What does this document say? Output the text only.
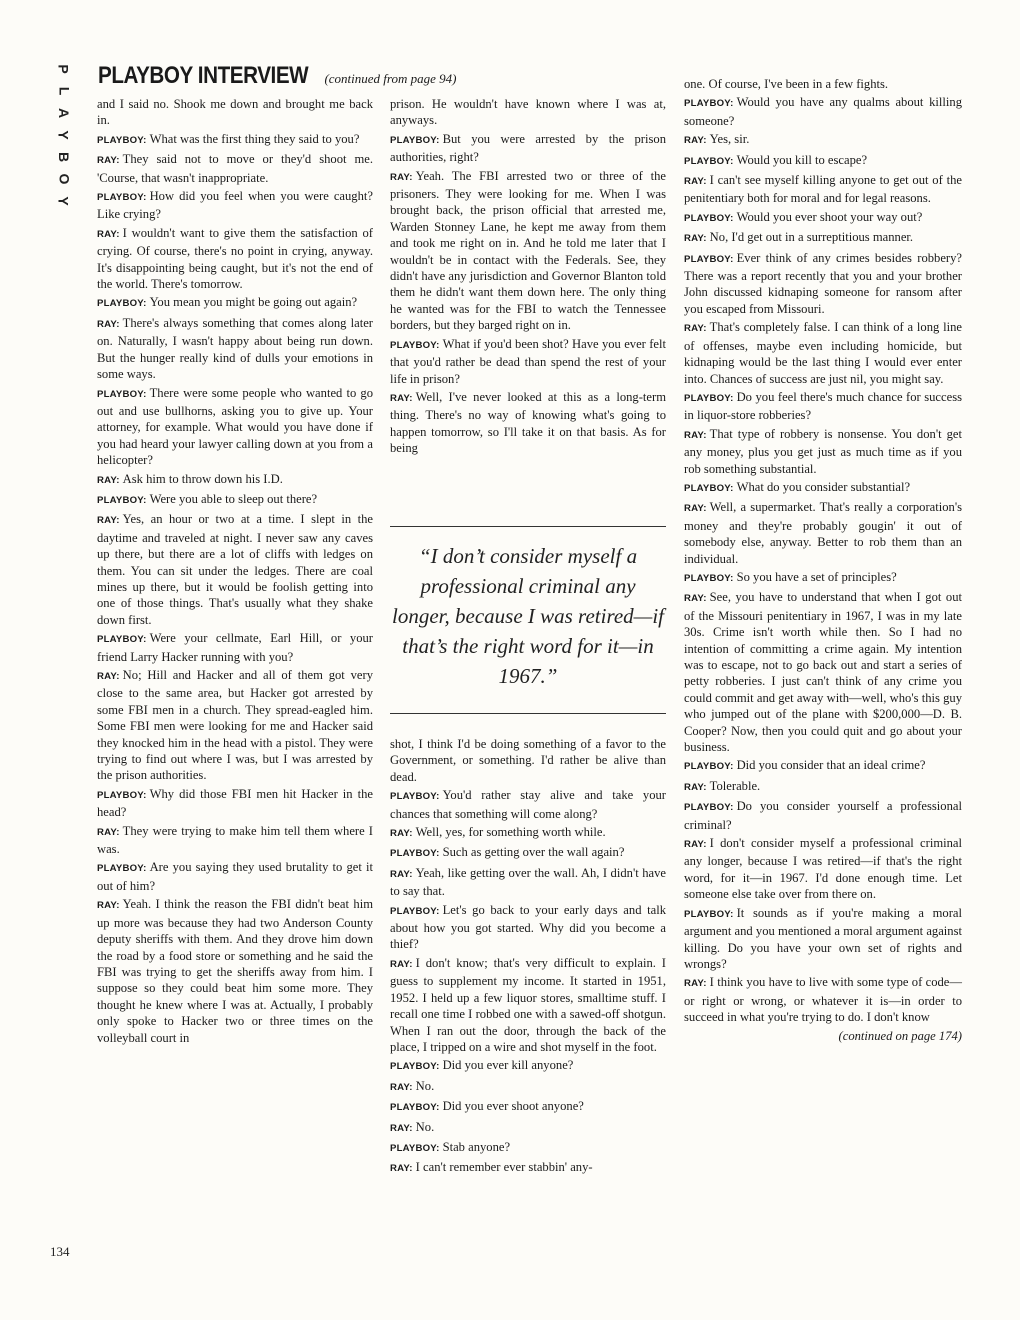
P
L
A
Y
B
O
Y
134
PLAYBOY INTERVIEW (continued from page 94)

and I said no. Shook me down and brought me back in.

PLAYBOY: What was the first thing they said to you?

RAY: They said not to move or they'd shoot me. 'Course, that wasn't inappropriate.

PLAYBOY: How did you feel when you were caught? Like crying?

RAY: I wouldn't want to give them the satisfaction of crying. Of course, there's no point in crying, anyway. It's disappointing being caught, but it's not the end of the world. There's tomorrow.

PLAYBOY: You mean you might be going out again?

RAY: There's always something that comes along later on. Naturally, I wasn't happy about being run down. But the hunger really kind of dulls your emotions in some ways.

PLAYBOY: There were some people who wanted to go out and use bullhorns, asking you to give up. Your attorney, for example. What would you have done if you had heard your lawyer calling down at you from a helicopter?

RAY: Ask him to throw down his I.D.

PLAYBOY: Were you able to sleep out there?

RAY: Yes, an hour or two at a time. I slept in the daytime and traveled at night. I never saw any caves up there, but there are a lot of cliffs with ledges on them. You can sit under the ledges. There are coal mines up there, but it would be foolish getting into one of those things. That's usually what they shake down first.

PLAYBOY: Were your cellmate, Earl Hill, or your friend Larry Hacker running with you?

RAY: No; Hill and Hacker and all of them got very close to the same area, but Hacker got arrested by some FBI men in a church. They spread-eagled him. Some FBI men were looking for me and Hacker said they knocked him in the head with a pistol. They were trying to find out where I was, but I was arrested by the prison authorities.

PLAYBOY: Why did those FBI men hit Hacker in the head?

RAY: They were trying to make him tell them where I was.

PLAYBOY: Are you saying they used brutality to get it out of him?

RAY: Yeah. I think the reason the FBI didn't beat him up more was because they had two Anderson County deputy sheriffs with them. And they drove him down the road by a food store or something and he said the FBI was trying to get the sheriffs away from him. I suppose so they could beat him some more. They thought he knew where I was at. Actually, I probably only spoke to Hacker two or three times on the volleyball court in

prison. He wouldn't have known where I was at, anyways.

PLAYBOY: But you were arrested by the prison authorities, right?

RAY: Yeah. The FBI arrested two or three of the prisoners. They were looking for me. When I was brought back, the prison official that arrested me, Warden Stonney Lane, he kept me away from them and took me right on in. And he told me later that I wouldn't be in contact with the Federals. See, they didn't have any jurisdiction and Governor Blanton told them he didn't want them down here. The only thing he wanted was for the FBI to watch the Tennessee borders, but they barged right on in.

PLAYBOY: What if you'd been shot? Have you ever felt that you'd rather be dead than spend the rest of your life in prison?

RAY: Well, I've never looked at this as a long-term thing. There's no way of knowing what's going to happen tomorrow, so I'll take it on that basis. As for being

“I don’t consider myself a professional criminal any longer, because I was retired—if that’s the right word for it—in 1967.”

shot, I think I'd be doing something of a favor to the Government, or something. I'd rather be alive than dead.

PLAYBOY: You'd rather stay alive and take your chances that something will come along?

RAY: Well, yes, for something worth while.

PLAYBOY: Such as getting over the wall again?

RAY: Yeah, like getting over the wall. Ah, I didn't have to say that.

PLAYBOY: Let's go back to your early days and talk about how you got started. Why did you become a thief?

RAY: I don't know; that's very difficult to explain. I guess to supplement my income. It started in 1951, 1952. I held up a few liquor stores, smalltime stuff. I recall one time I robbed one with a sawed-off shotgun. When I ran out the door, through the back of the place, I tripped on a wire and shot myself in the foot.

PLAYBOY: Did you ever kill anyone?

RAY: No.

PLAYBOY: Did you ever shoot anyone?

RAY: No.

PLAYBOY: Stab anyone?

RAY: I can't remember ever stabbin' any-

one. Of course, I've been in a few fights.

PLAYBOY: Would you have any qualms about killing someone?

RAY: Yes, sir.

PLAYBOY: Would you kill to escape?

RAY: I can't see myself killing anyone to get out of the penitentiary both for moral and for legal reasons.

PLAYBOY: Would you ever shoot your way out?

RAY: No, I'd get out in a surreptitious manner.

PLAYBOY: Ever think of any crimes besides robbery? There was a report recently that you and your brother John discussed kidnaping someone for ransom after you escaped from Missouri.

RAY: That's completely false. I can think of a long line of offenses, maybe even including homicide, but kidnaping would be the last thing I would ever enter into. Chances of success are just nil, you might say.

PLAYBOY: Do you feel there's much chance for success in liquor-store robberies?

RAY: That type of robbery is nonsense. You don't get any money, plus you get just as much time as if you rob something substantial.

PLAYBOY: What do you consider substantial?

RAY: Well, a supermarket. That's really a corporation's money and they're probably gougin' it out of somebody else, anyway. Better to rob them than an individual.

PLAYBOY: So you have a set of principles?

RAY: See, you have to understand that when I got out of the Missouri penitentiary in 1967, I was in my late 30s. Crime isn't worth while then. So I had no intention of committing a crime again. My intention was to escape, not to go back out and start a series of petty robberies. I just can't think of any crime you could commit and get away with—well, who's this guy who jumped out of the plane with $200,000—D. B. Cooper? Now, then you could quit and go about your business.

PLAYBOY: Did you consider that an ideal crime?

RAY: Tolerable.

PLAYBOY: Do you consider yourself a professional criminal?

RAY: I don't consider myself a professional criminal any longer, because I was retired—if that's the right word, for it—in 1967. I'd done enough time. Let someone else take over from there on.

PLAYBOY: It sounds as if you're making a moral argument and you mentioned a moral argument against killing. Do you have your own set of rights and wrongs?

RAY: I think you have to live with some type of code—or right or wrong, or whatever it is—in order to succeed in what you're trying to do. I don't know

(continued on page 174)
